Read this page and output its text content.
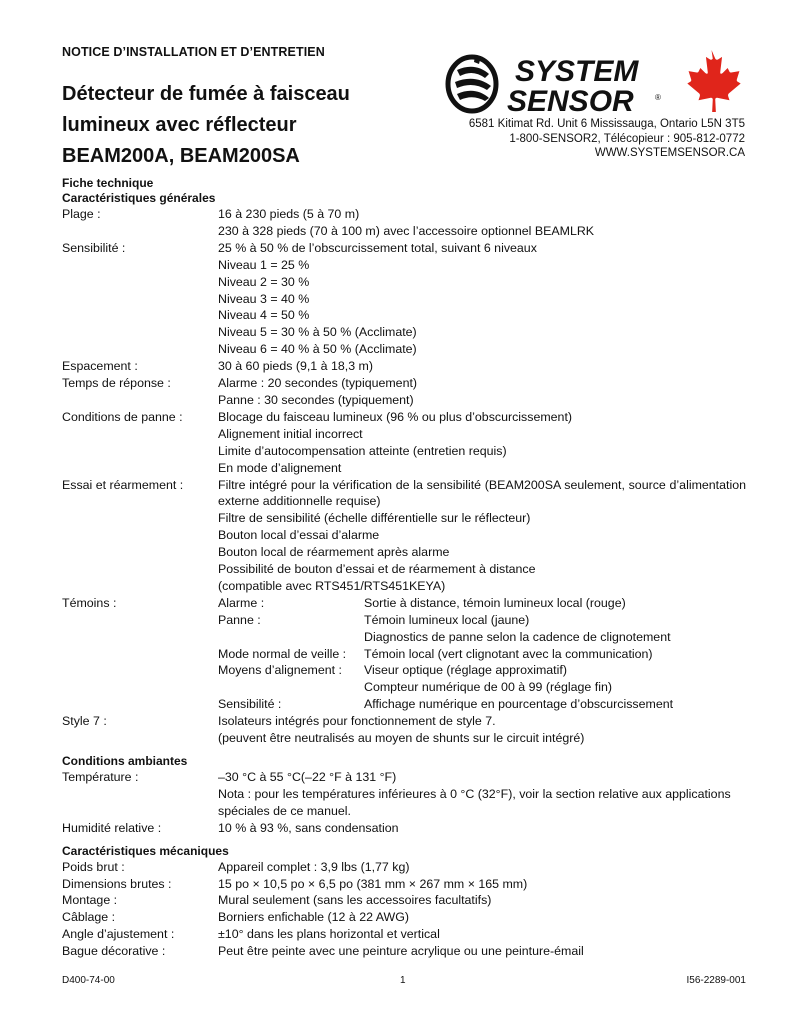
NOTICE D’INSTALLATION ET D’ENTRETIEN
Détecteur de fumée à faisceau
lumineux avec réflecteur
BEAM200A, BEAM200SA
SYSTEM
SENSOR	®
6581 Kitimat Rd. Unit 6 Mississauga, Ontario L5N 3T5
1-800-SENSOR2, Télécopieur : 905-812-0772
WWW.SYSTEMSENSOR.CA
Fiche technique
Caractéristiques générales
Plage :	16 à 230 pieds (5 à 70 m)
230 à 328 pieds (70 à 100 m) avec l’accessoire optionnel BEAMLRK
Sensibilité :	25 % à 50 % de l’obscurcissement total, suivant 6 niveaux
Niveau 1 = 25 %
Niveau 2 = 30 %
Niveau 3 = 40 %
Niveau 4 = 50 %
Niveau 5 = 30 % à 50 % (Acclimate)
Niveau 6 = 40 % à 50 % (Acclimate)
Espacement :	30 à 60 pieds (9,1 à 18,3 m)
Temps de réponse :	Alarme : 20 secondes (typiquement)
Panne : 30 secondes (typiquement)
Conditions de panne :	Blocage du faisceau lumineux (96 % ou plus d’obscurcissement)
Alignement initial incorrect
Limite d’autocompensation atteinte (entretien requis)
En mode d’alignement
Essai et réarmement :	Filtre intégré pour la vérification de la sensibilité (BEAM200SA seulement, source d’alimentation externe additionnelle requise)
Filtre de sensibilité (échelle différentielle sur le réflecteur)
Bouton local d’essai d’alarme
Bouton local de réarmement après alarme
Possibilité de bouton d’essai et de réarmement à distance
(compatible avec RTS451/RTS451KEYA)
Témoins :	Alarme :	Sortie à distance, témoin lumineux local (rouge)
Panne :	Témoin lumineux local (jaune)
Diagnostics de panne selon la cadence de clignotement
Mode normal de veille :	Témoin local (vert clignotant avec la communication)
Moyens d’alignement :	Viseur optique (réglage approximatif)
Compteur numérique de 00 à 99 (réglage fin)
Sensibilité :	Affichage numérique en pourcentage d’obscurcissement
Style 7 :	Isolateurs intégrés pour fonctionnement de style 7.
(peuvent être neutralisés au moyen de shunts sur le circuit intégré)
Conditions ambiantes
Température :	–30 °C à 55 °C(–22 °F à 131 °F)
Nota : pour les températures inférieures à 0 °C (32°F), voir la section relative aux applications spéciales de ce manuel.
Humidité relative :	10 % à 93 %, sans condensation
Caractéristiques mécaniques
Poids brut :	Appareil complet : 3,9 lbs (1,77 kg)
Dimensions brutes :	15 po × 10,5 po × 6,5 po (381 mm × 267 mm × 165 mm)
Montage :	Mural seulement (sans les accessoires facultatifs)
Câblage :	Borniers enfichable (12 à 22 AWG)
Angle d’ajustement :	±10° dans les plans horizontal et vertical
Bague décorative :	Peut être peinte avec une peinture acrylique ou une peinture-émail
D400-74-00	1	I56-2289-001
